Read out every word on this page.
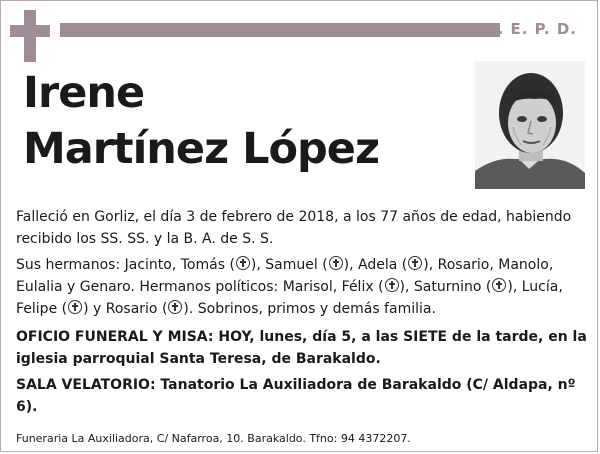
Q. E. P. D.
Irene
Martínez López

Falleció en Gorliz, el día 3 de febrero de 2018, a los 77 años de edad, habiendo recibido los SS. SS. y la B. A. de S. S.

Sus hermanos: Jacinto, Tomás ( ), Samuel ( ), Adela ( ), Rosario, Manolo, Eulalia y Genaro. Hermanos políticos: Marisol, Félix ( ), Saturnino ( ), Lucía, Felipe ( ) y Rosario ( ). Sobrinos, primos y demás familia.

OFICIO FUNERAL Y MISA: HOY, lunes, día 5, a las SIETE de la tarde, en la iglesia parroquial Santa Teresa, de Barakaldo.

SALA VELATORIO: Tanatorio La Auxiliadora de Barakaldo (C/ Aldapa, nº 6).

Funeraria La Auxiliadora, C/ Nafarroa, 10. Barakaldo. Tfno: 94 4372207.
